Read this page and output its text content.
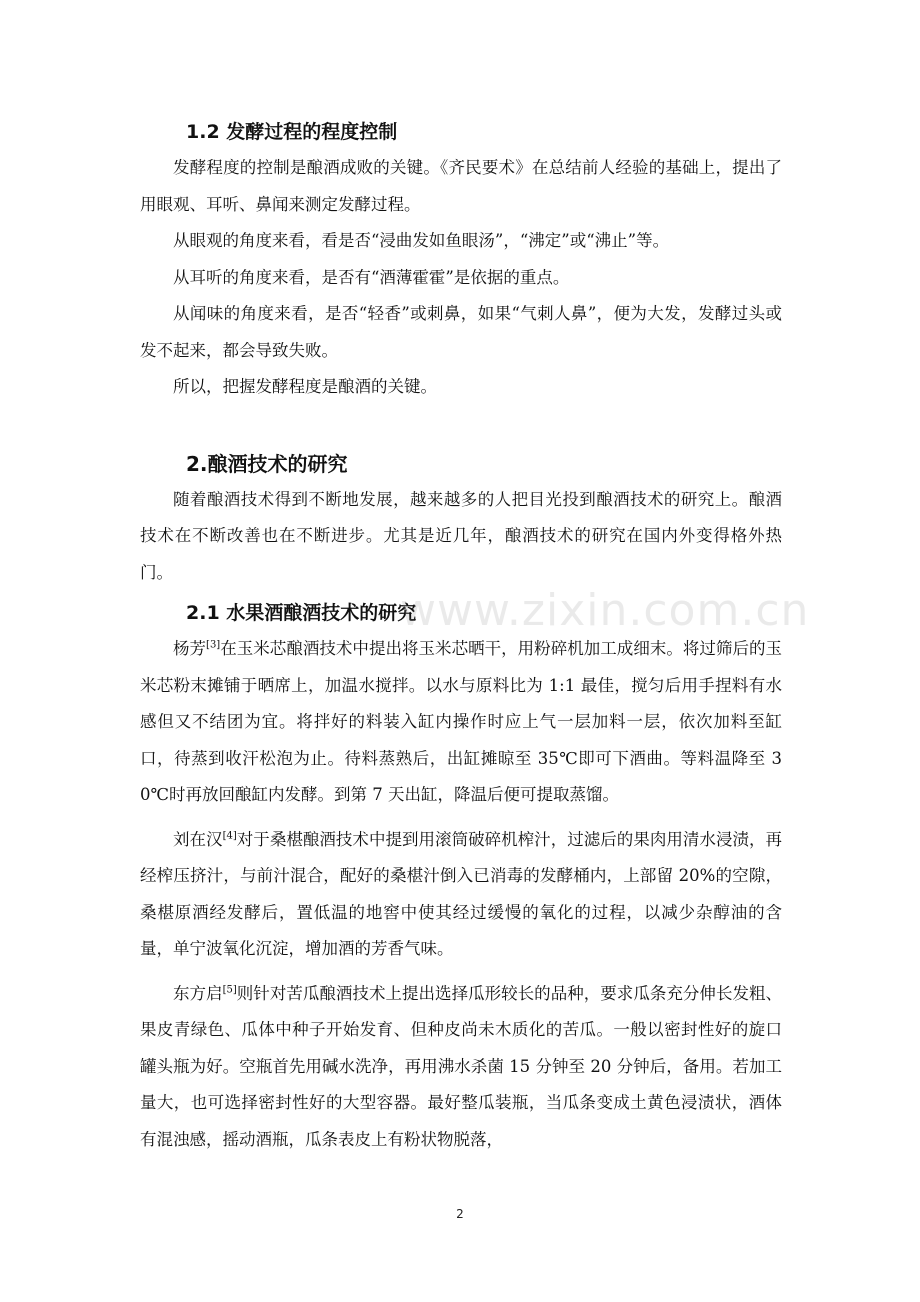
1.2 发酵过程的程度控制

发酵程度的控制是酿酒成败的关键。《齐民要术》在总结前人经验的基础上，提出了用眼观、耳听、鼻闻来测定发酵过程。

从眼观的角度来看，看是否“浸曲发如鱼眼汤”，“沸定”或“沸止”等。

从耳听的角度来看，是否有“酒薄霍霍”是依据的重点。

从闻味的角度来看，是否“轻香”或刺鼻，如果“气刺人鼻”，便为大发，发酵过头或发不起来，都会导致失败。

所以，把握发酵程度是酿酒的关键。

2.酿酒技术的研究

随着酿酒技术得到不断地发展，越来越多的人把目光投到酿酒技术的研究上。酿酒技术在不断改善也在不断进步。尤其是近几年，酿酒技术的研究在国内外变得格外热门。

2.1 水果酒酿酒技术的研究

杨芳[3]在玉米芯酿酒技术中提出将玉米芯晒干，用粉碎机加工成细末。将过筛后的玉米芯粉末摊铺于晒席上，加温水搅拌。以水与原料比为 1:1 最佳，搅匀后用手捏料有水感但又不结团为宜。将拌好的料装入缸内操作时应上气一层加料一层，依次加料至缸口，待蒸到收汗松泡为止。待料蒸熟后，出缸摊晾至 35℃即可下酒曲。等料温降至 30℃时再放回酿缸内发酵。到第 7 天出缸，降温后便可提取蒸馏。

刘在汉[4]对于桑椹酿酒技术中提到用滚筒破碎机榨汁，过滤后的果肉用清水浸渍，再经榨压挤汁，与前汁混合，配好的桑椹汁倒入已消毒的发酵桶内，上部留 20%的空隙，桑椹原酒经发酵后，置低温的地窖中使其经过缓慢的氧化的过程，以减少杂醇油的含量，单宁波氧化沉淀，增加酒的芳香气味。

东方启[5]则针对苦瓜酿酒技术上提出选择瓜形较长的品种，要求瓜条充分伸长发粗、果皮青绿色、瓜体中种子开始发育、但种皮尚未木质化的苦瓜。一般以密封性好的旋口罐头瓶为好。空瓶首先用碱水洗净，再用沸水杀菌 15 分钟至 20 分钟后，备用。若加工量大，也可选择密封性好的大型容器。最好整瓜装瓶，当瓜条变成土黄色浸渍状，酒体有混浊感，摇动酒瓶，瓜条表皮上有粉状物脱落，

www.zixin.com.cn
2
